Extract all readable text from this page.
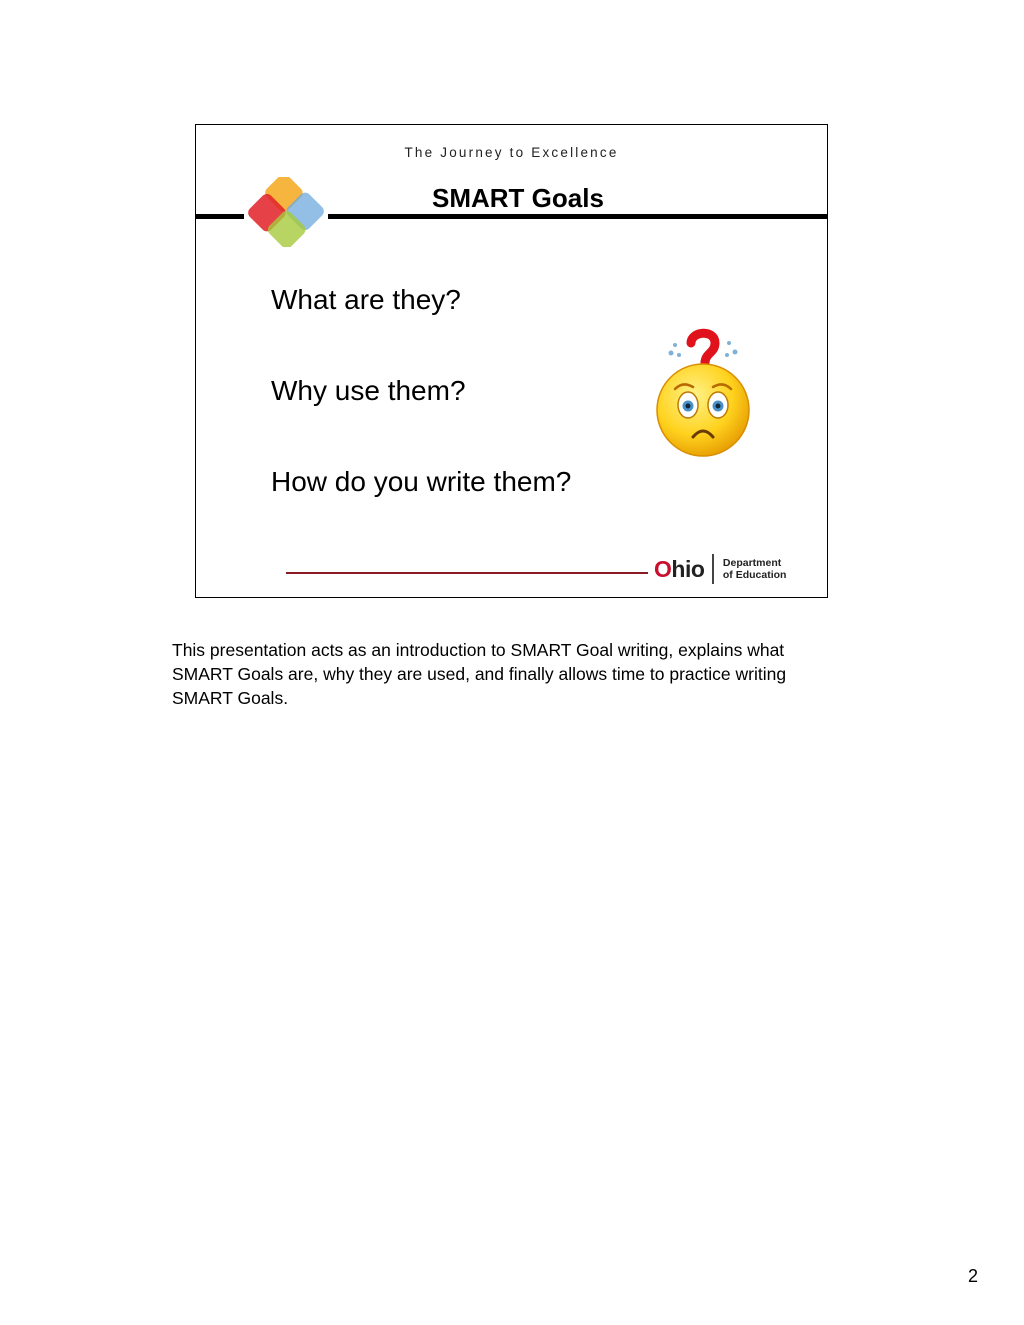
The Journey to Excellence
SMART Goals
What are they?
Why use them?
How do you write them?
Ohio Department
of Education

This presentation acts as an introduction to SMART Goal writing, explains what SMART Goals are, why they are used, and finally allows time to practice writing SMART Goals.

2
